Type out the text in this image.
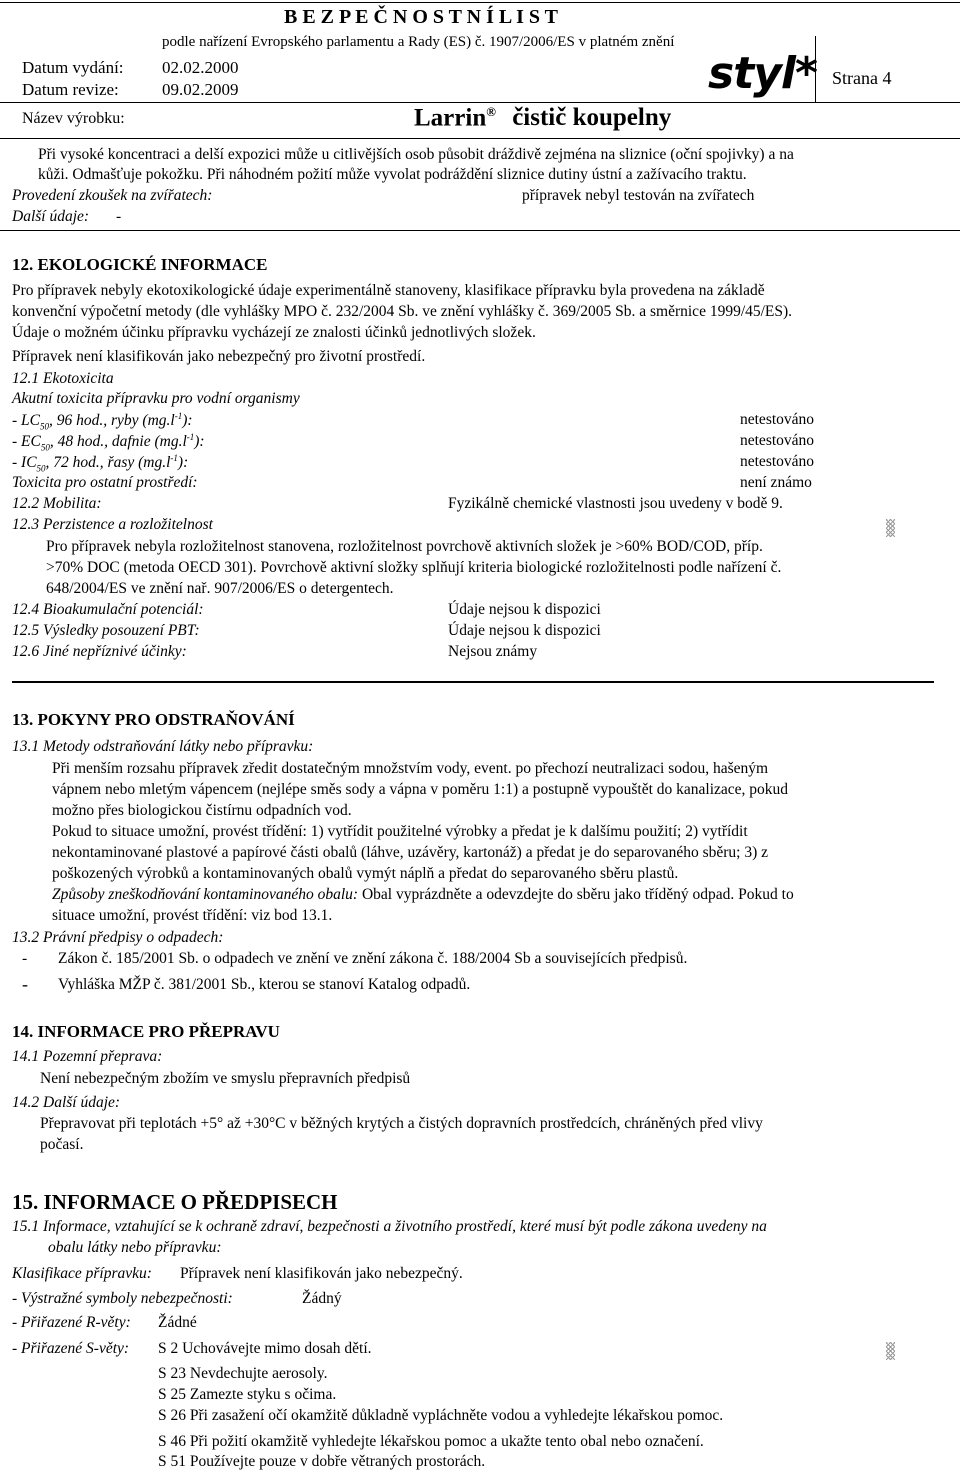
B E Z P E Č N O S T N Í L I S T
podle nařízení Evropského parlamentu a Rady (ES) č. 1907/2006/ES v platném znění
Datum vydání: 02.02.2000
Datum revize:	09.02.2009	styl* Strana 4
Název výrobku:	Larrin® čistič koupelny
Při vysoké koncentraci a delší expozici může u citlivějších osob působit dráždivě zejména na sliznice (oční spojivky) a na
kůži. Odmašťuje pokožku. Při náhodném požití může vyvolat podráždění sliznice dutiny ústní a zažívacího traktu.
Provedení zkoušek na zvířatech:	přípravek nebyl testován na zvířatech
Další údaje: -
12. EKOLOGICKÉ INFORMACE
Pro přípravek nebyly ekotoxikologické údaje experimentálně stanoveny, klasifikace přípravku byla provedena na základě
konvenční výpočetní metody (dle vyhlášky MPO č. 232/2004 Sb. ve znění vyhlášky č. 369/2005 Sb. a směrnice 1999/45/ES).
Údaje o možném účinku přípravku vycházejí ze znalosti účinků jednotlivých složek.
Přípravek není klasifikován jako nebezpečný pro životní prostředí.
12.1 Ekotoxicita
Akutní toxicita přípravku pro vodní organismy
- $LC_{50}$, 96 hod., ryby $(mg.l^{-1})$:	netestováno
- $EC_{50}$, 48 hod., dafnie $(mg.l^{-1})$:	netestováno
- $IC_{50}$, 72 hod., řasy $(mg.l^{-1})$:	netestováno
Toxicita pro ostatní prostředí:	není známo
12.2 Mobilita:	Fyzikálně chemické vlastnosti jsou uvedeny v bodě 9.
12.3 Perzistence a rozložitelnost
Pro přípravek nebyla rozložitelnost stanovena, rozložitelnost povrchově aktivních složek je >60% BOD/COD, příp.
>70% DOC (metoda OECD 301). Povrchově aktivní složky splňují kriteria biologické rozložitelnosti podle nařízení č.
648/2004/ES ve znění nař. 907/2006/ES o detergentech.
12.4 Bioakumulační potenciál:	Údaje nejsou k dispozici
12.5 Výsledky posouzení PBT:	Údaje nejsou k dispozici
12.6 Jiné nepříznivé účinky:	Nejsou známy
13. POKYNY PRO ODSTRAŇOVÁNÍ
13.1 Metody odstraňování látky nebo přípravku:
Při menším rozsahu přípravek zředit dostatečným množstvím vody, event. po přechozí neutralizaci sodou, hašeným
vápnem nebo mletým vápencem (nejlépe směs sody a vápna v poměru 1:1) a postupně vypouštět do kanalizace, pokud
možno přes biologickou čistírnu odpadních vod.
Pokud to situace umožní, provést třídění: 1) vytřídit použitelné výrobky a předat je k dalšímu použití; 2) vytřídit
nekontaminované plastové a papírové části obalů (láhve, uzávěry, kartonáž) a předat je do separovaného sběru; 3) z
poškozených výrobků a kontaminovaných obalů vymýt náplň a předat do separovaného sběru plastů.
Způsoby zneškodňování kontaminovaného obalu: Obal vyprázdněte a odevzdejte do sběru jako tříděný odpad. Pokud to
situace umožní, provést třídění: viz bod 13.1.
13.2 Právní předpisy o odpadech:
- Zákon č. 185/2001 Sb. o odpadech ve znění ve znění zákona č. 188/2004 Sb a souvisejících předpisů.
- Vyhláška MŽP č. 381/2001 Sb., kterou se stanoví Katalog odpadů.
14. INFORMACE PRO PŘEPRAVU
14.1 Pozemní přeprava:
Není nebezpečným zbožím ve smyslu přepravních předpisů
14.2 Další údaje:
Přepravovat při teplotách +5° až +30°C v běžných krytých a čistých dopravních prostředcích, chráněných před vlivy
počasí.
15. INFORMACE O PŘEDPISECH
15.1 Informace, vztahující se k ochraně zdraví, bezpečnosti a životního prostředí, které musí být podle zákona uvedeny na
obalu látky nebo přípravku:
Klasifikace přípravku: Přípravek není klasifikován jako nebezpečný.
- Výstražné symboly nebezpečnosti:	Žádný
- Přiřazené R-věty: Žádné
- Přiřazené S-věty: S 2 Uchovávejte mimo dosah dětí.
S 23 Nevdechujte aerosoly.
S 25 Zamezte styku s očima.
S 26 Při zasažení očí okamžitě důkladně vypláchněte vodou a vyhledejte lékařskou pomoc.
S 46 Při požití okamžitě vyhledejte lékařskou pomoc a ukažte tento obal nebo označení.
S 51 Používejte pouze v dobře větraných prostorách.
